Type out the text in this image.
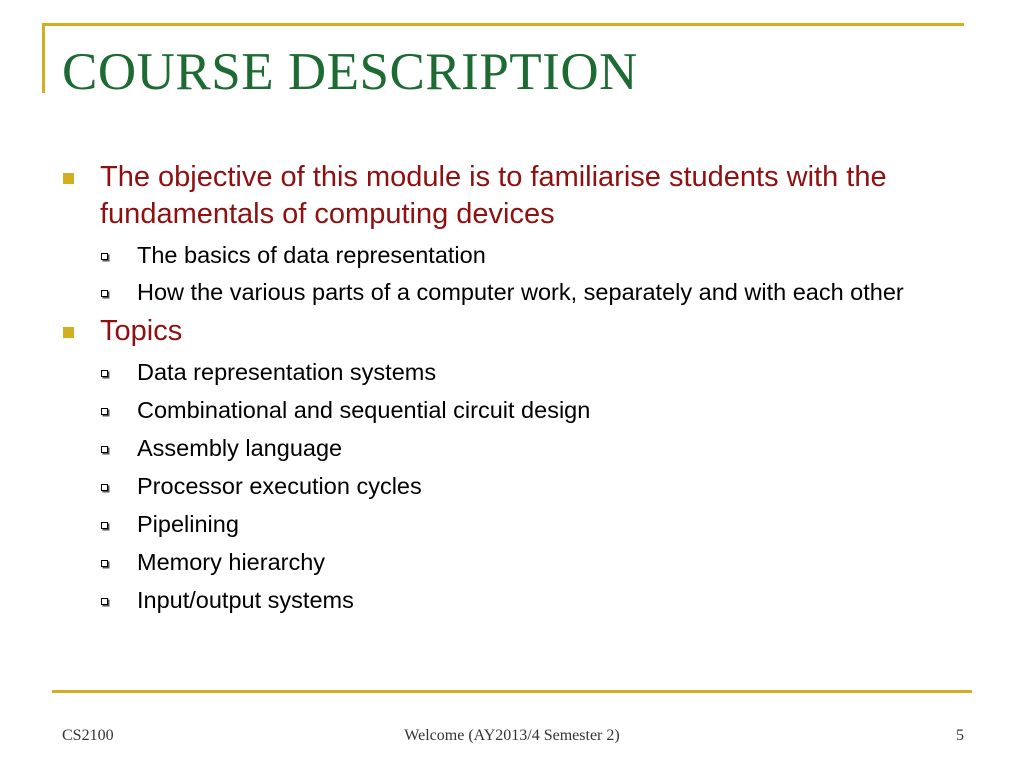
COURSE DESCRIPTION
The objective of this module is to familiarise students with the fundamentals of computing devices
The basics of data representation
How the various parts of a computer work, separately and with each other
Topics
Data representation systems
Combinational and sequential circuit design
Assembly language
Processor execution cycles
Pipelining
Memory hierarchy
Input/output systems
CS2100	Welcome (AY2013/4 Semester 2)	5
